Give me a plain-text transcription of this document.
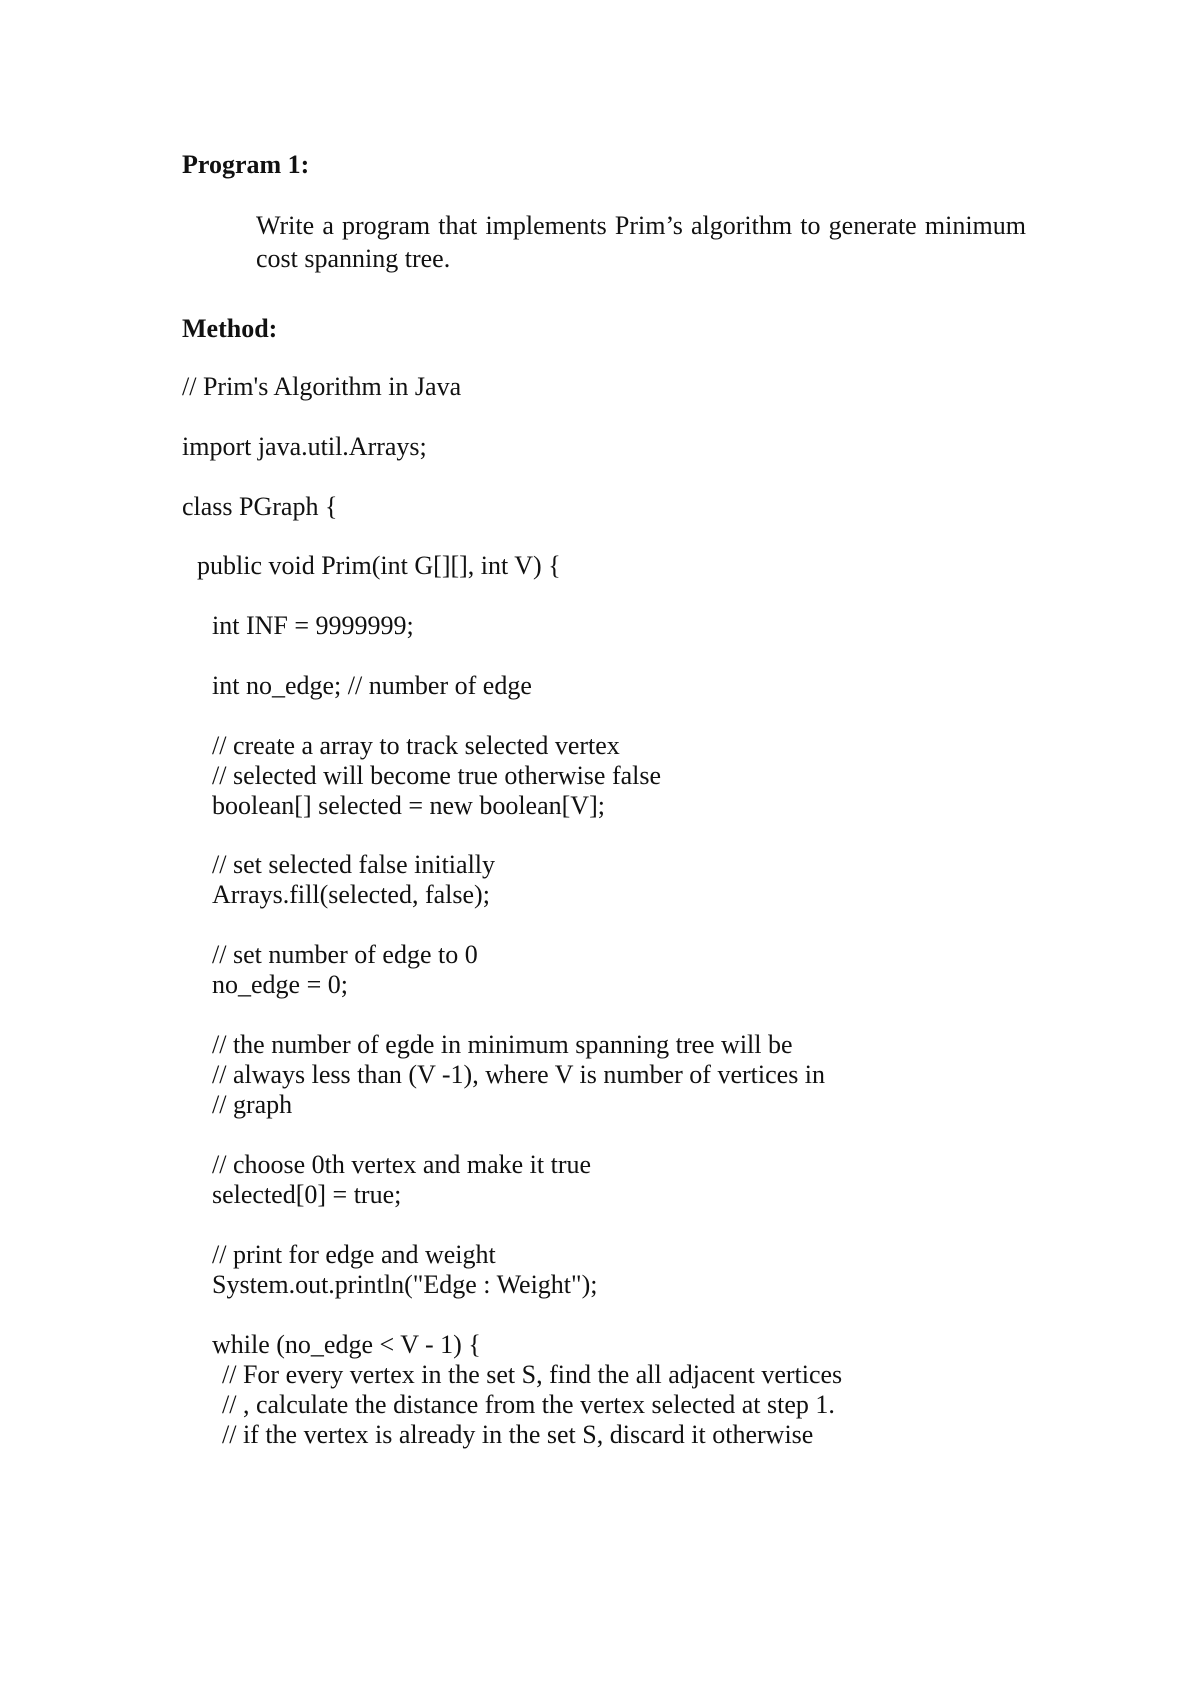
Program 1:

Write a program that implements Prim’s algorithm to generate minimum cost spanning tree.

Method:
// Prim's Algorithm in Java
import java.util.Arrays;
class PGraph {
public void Prim(int G[][], int V) {
int INF = 9999999;
int no_edge; // number of edge
// create a array to track selected vertex
// selected will become true otherwise false
boolean[] selected = new boolean[V];
// set selected false initially
Arrays.fill(selected, false);
// set number of edge to 0
no_edge = 0;
// the number of egde in minimum spanning tree will be
// always less than (V -1), where V is number of vertices in
// graph
// choose 0th vertex and make it true
selected[0] = true;
// print for edge and weight
System.out.println("Edge : Weight");
while (no_edge < V - 1) {
// For every vertex in the set S, find the all adjacent vertices
// , calculate the distance from the vertex selected at step 1.
// if the vertex is already in the set S, discard it otherwise
